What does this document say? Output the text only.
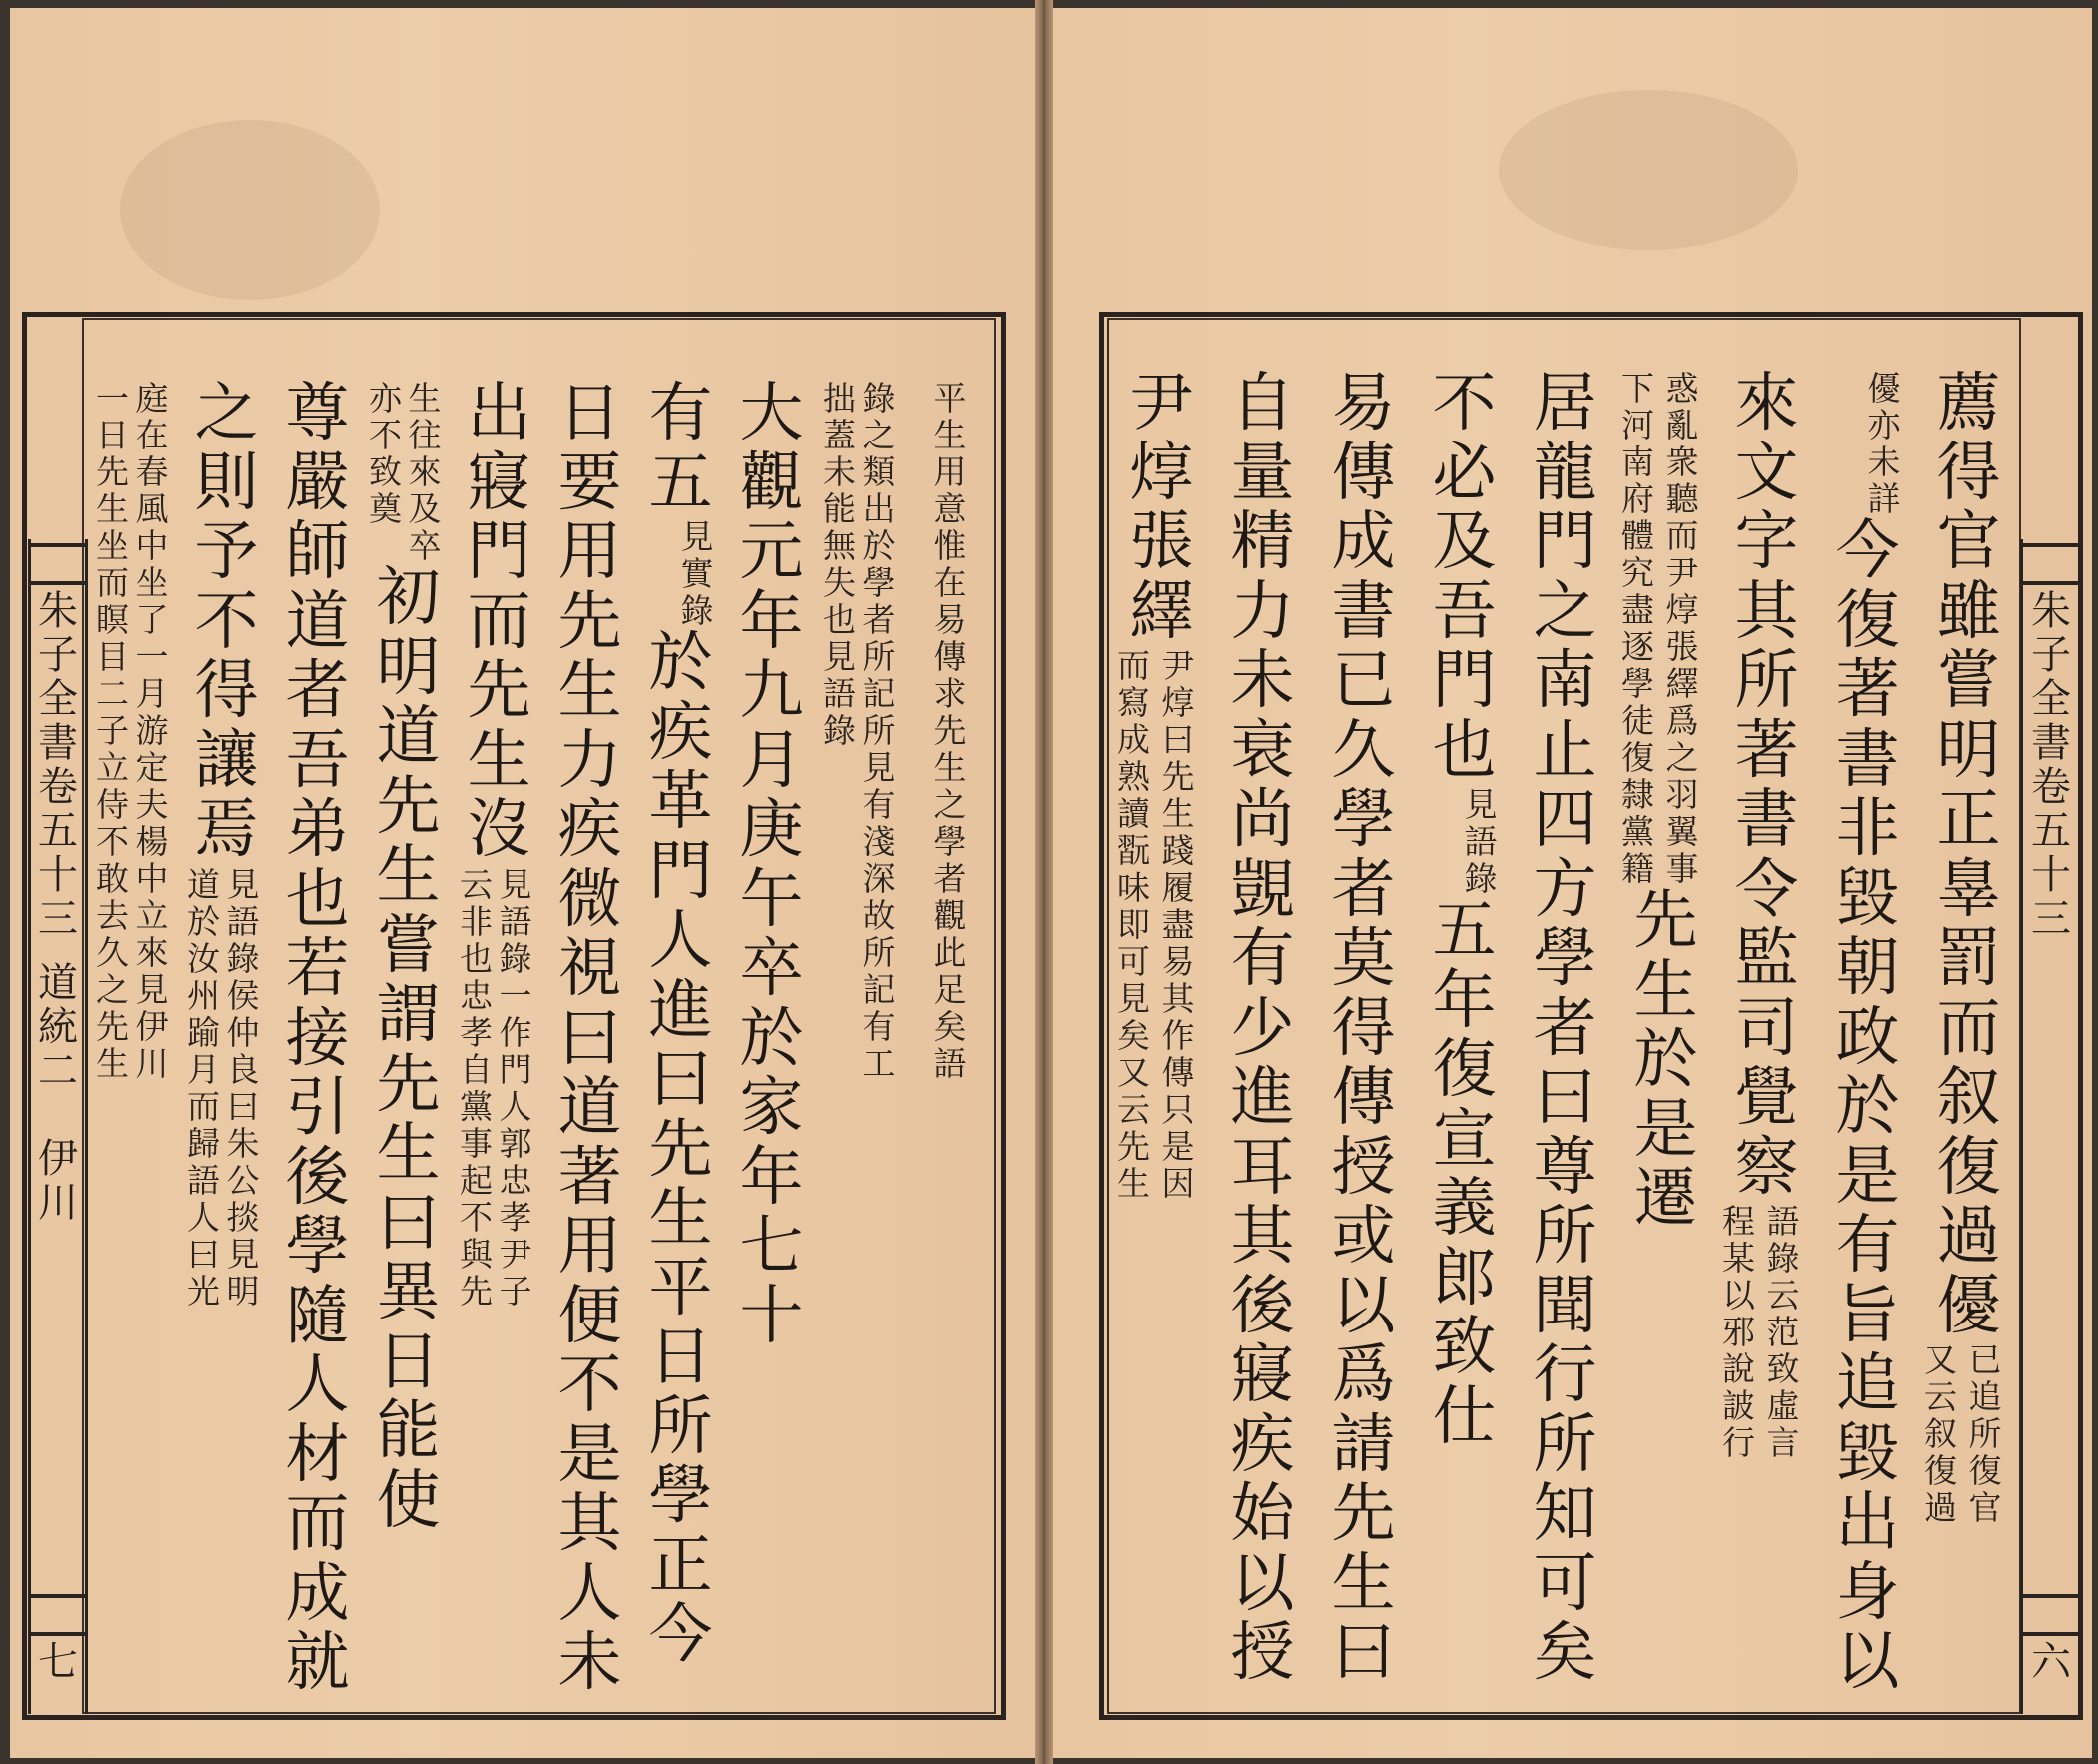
朱
子
全
書
卷
五
十
三
道
統
二

伊
川
七
平
生
用
意
惟
在
易
傳
求
先
生
之
學
者
觀
此
足
矣
語
錄
之
類
出
於
學
者
所
記
所
見
有
淺
深
故
所
記
有
工
拙
蓋
未
能
無
失
也
見
語
錄
大
觀
元
年
九
月
庚
午
卒
於
家
年
七
十
有
五
見
實
錄
於
疾
革
門
人
進
曰
先
生
平
日
所
學
正
今
日
要
用
先
生
力
疾
微
視
曰
道
著
用
便
不
是
其
人
未
出
寢
門
而
先
生
沒
見
語
錄
一
作
門
人
郭
忠
孝
尹
子
云
非
也
忠
孝
自
黨
事
起
不
與
先
生
往
來
及
卒
亦
不
致
奠
初
明
道
先
生
嘗
謂
先
生
曰
異
日
能
使
尊
嚴
師
道
者
吾
弟
也
若
接
引
後
學
隨
人
材
而
成
就
之
則
予
不
得
讓
焉
見
語
錄
侯
仲
良
曰
朱
公
掞
見
明
道
於
汝
州
踰
月
而
歸
語
人
曰
光
庭
在
春
風
中
坐
了
一
月
游
定
夫
楊
中
立
來
見
伊
川
一
日
先
生
坐
而
瞑
目
二
子
立
侍
不
敢
去
久
之
先
生
朱
子
全
書
卷
五
十
三
六
薦
得
官
雖
嘗
明
正
辠
罰
而
叙
復
過
優
已
追
所
復
官
又
云
叙
復
過
優
亦
未
詳
今
復
著
書
非
毀
朝
政
於
是
有
旨
追
毀
出
身
以
來
文
字
其
所
著
書
令
監
司
覺
察
語
錄
云
范
致
虛
言
程
某
以
邪
說
詖
行
惑
亂
衆
聽
而
尹
焞
張
繹
爲
之
羽
翼
事
下
河
南
府
體
究
盡
逐
學
徒
復
隸
黨
籍
先
生
於
是
遷
居
龍
門
之
南
止
四
方
學
者
曰
尊
所
聞
行
所
知
可
矣
不
必
及
吾
門
也
見
語
錄
五
年
復
宣
義
郎
致
仕
易
傳
成
書
已
久
學
者
莫
得
傳
授
或
以
爲
請
先
生
曰
自
量
精
力
未
衰
尚
覬
有
少
進
耳
其
後
寢
疾
始
以
授
尹
焞
張
繹
尹
焞
曰
先
生
踐
履
盡
易
其
作
傳
只
是
因
而
寫
成
熟
讀
翫
味
即
可
見
矣
又
云
先
生
